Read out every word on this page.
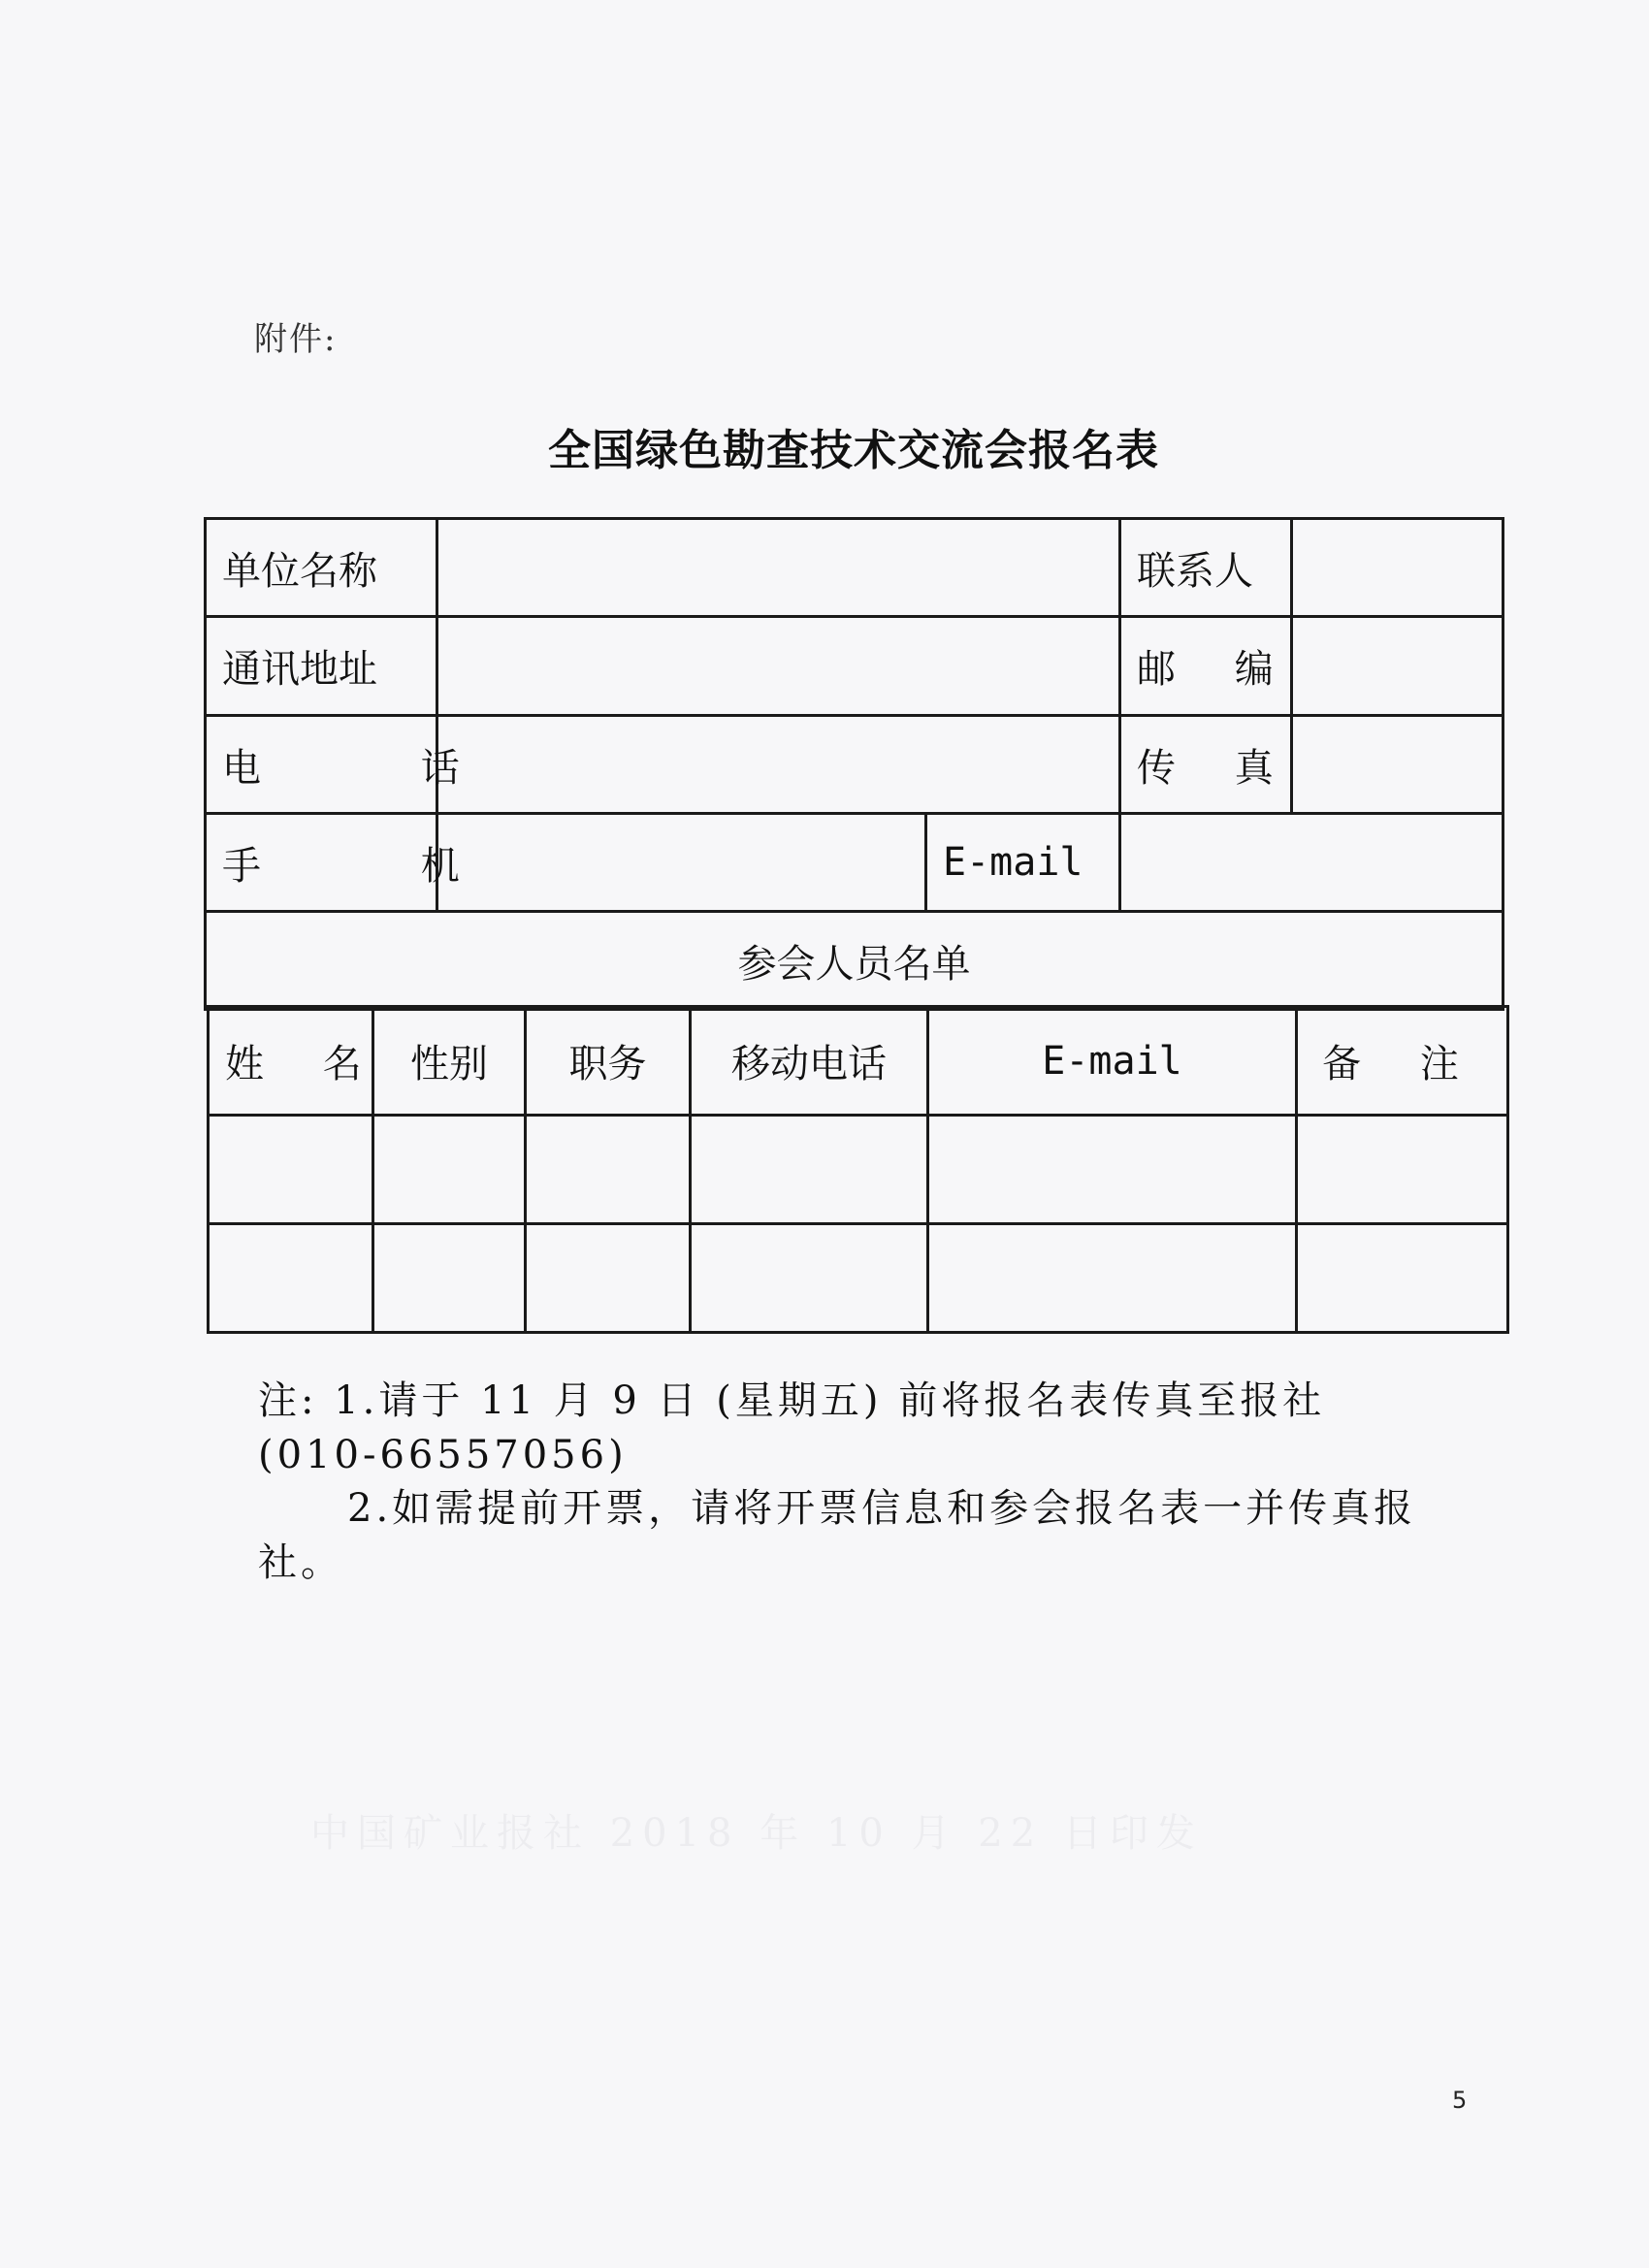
附件:
全国绿色勘查技术交流会报名表
单位名称			联系人	
通讯地址			邮 编	
电 话			传 真	
手 机		E-mail		
参会人员名单				
姓 名	性别	职务	移动电话	E-mail	备 注

注: 1.请于 11 月 9 日 (星期五) 前将报名表传真至报社
(010-66557056)
2.如需提前开票，请将开票信息和参会报名表一并传真报
社。
中国矿业报社 2018 年 10 月 22 日印发
5
